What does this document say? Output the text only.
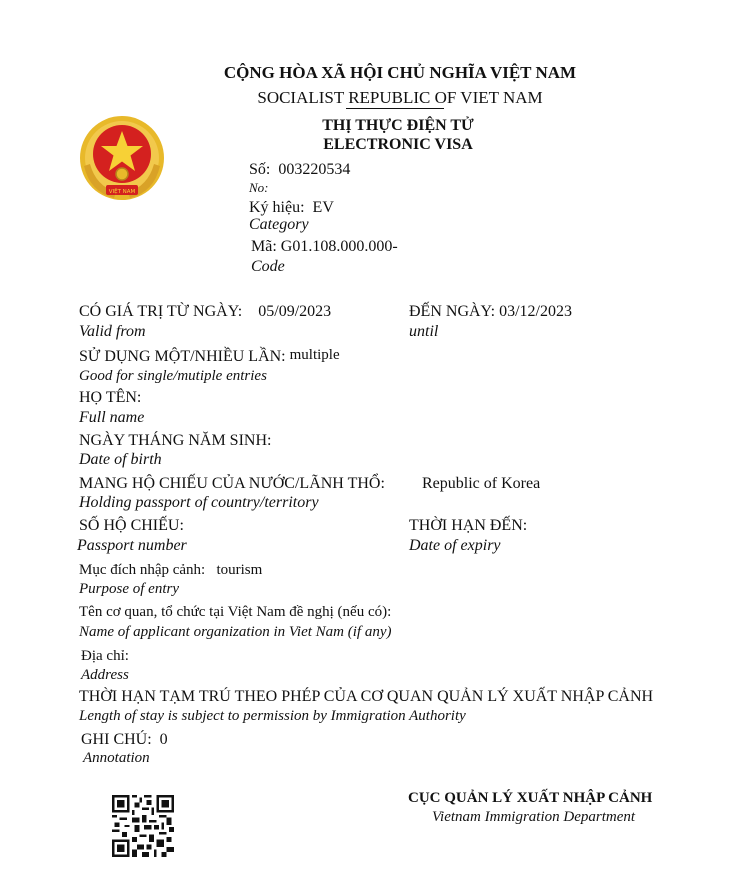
CỘNG HÒA XÃ HỘI CHỦ NGHĨA VIỆT NAM
SOCIALIST REPUBLIC OF VIET NAM
THỊ THỰC ĐIỆN TỬ
ELECTRONIC VISA
VIỆT NAM
Số: 003220534
No:
Ký hiệu: EV
Category
Mã: G01.108.000.000-
Code
CÓ GIÁ TRỊ TỪ NGÀY: 05/09/2023
Valid from
ĐẾN NGÀY: 03/12/2023
until
SỬ DỤNG MỘT/NHIỀU LẦN: multiple
Good for single/mutiple entries
HỌ TÊN:
Full name
NGÀY THÁNG NĂM SINH:
Date of birth
MANG HỘ CHIẾU CỦA NƯỚC/LÃNH THỔ: Republic of Korea
Holding passport of country/territory
SỐ HỘ CHIẾU:
Passport number
THỜI HẠN ĐẾN:
Date of expiry
Mục đích nhập cảnh: tourism
Purpose of entry
Tên cơ quan, tổ chức tại Việt Nam đề nghị (nếu có):
Name of applicant organization in Viet Nam (if any)
Địa chỉ:
Address
THỜI HẠN TẠM TRÚ THEO PHÉP CỦA CƠ QUAN QUẢN LÝ XUẤT NHẬP CẢNH
Length of stay is subject to permission by Immigration Authority
GHI CHÚ: 0
Annotation
CỤC QUẢN LÝ XUẤT NHẬP CẢNH
Vietnam Immigration Department
